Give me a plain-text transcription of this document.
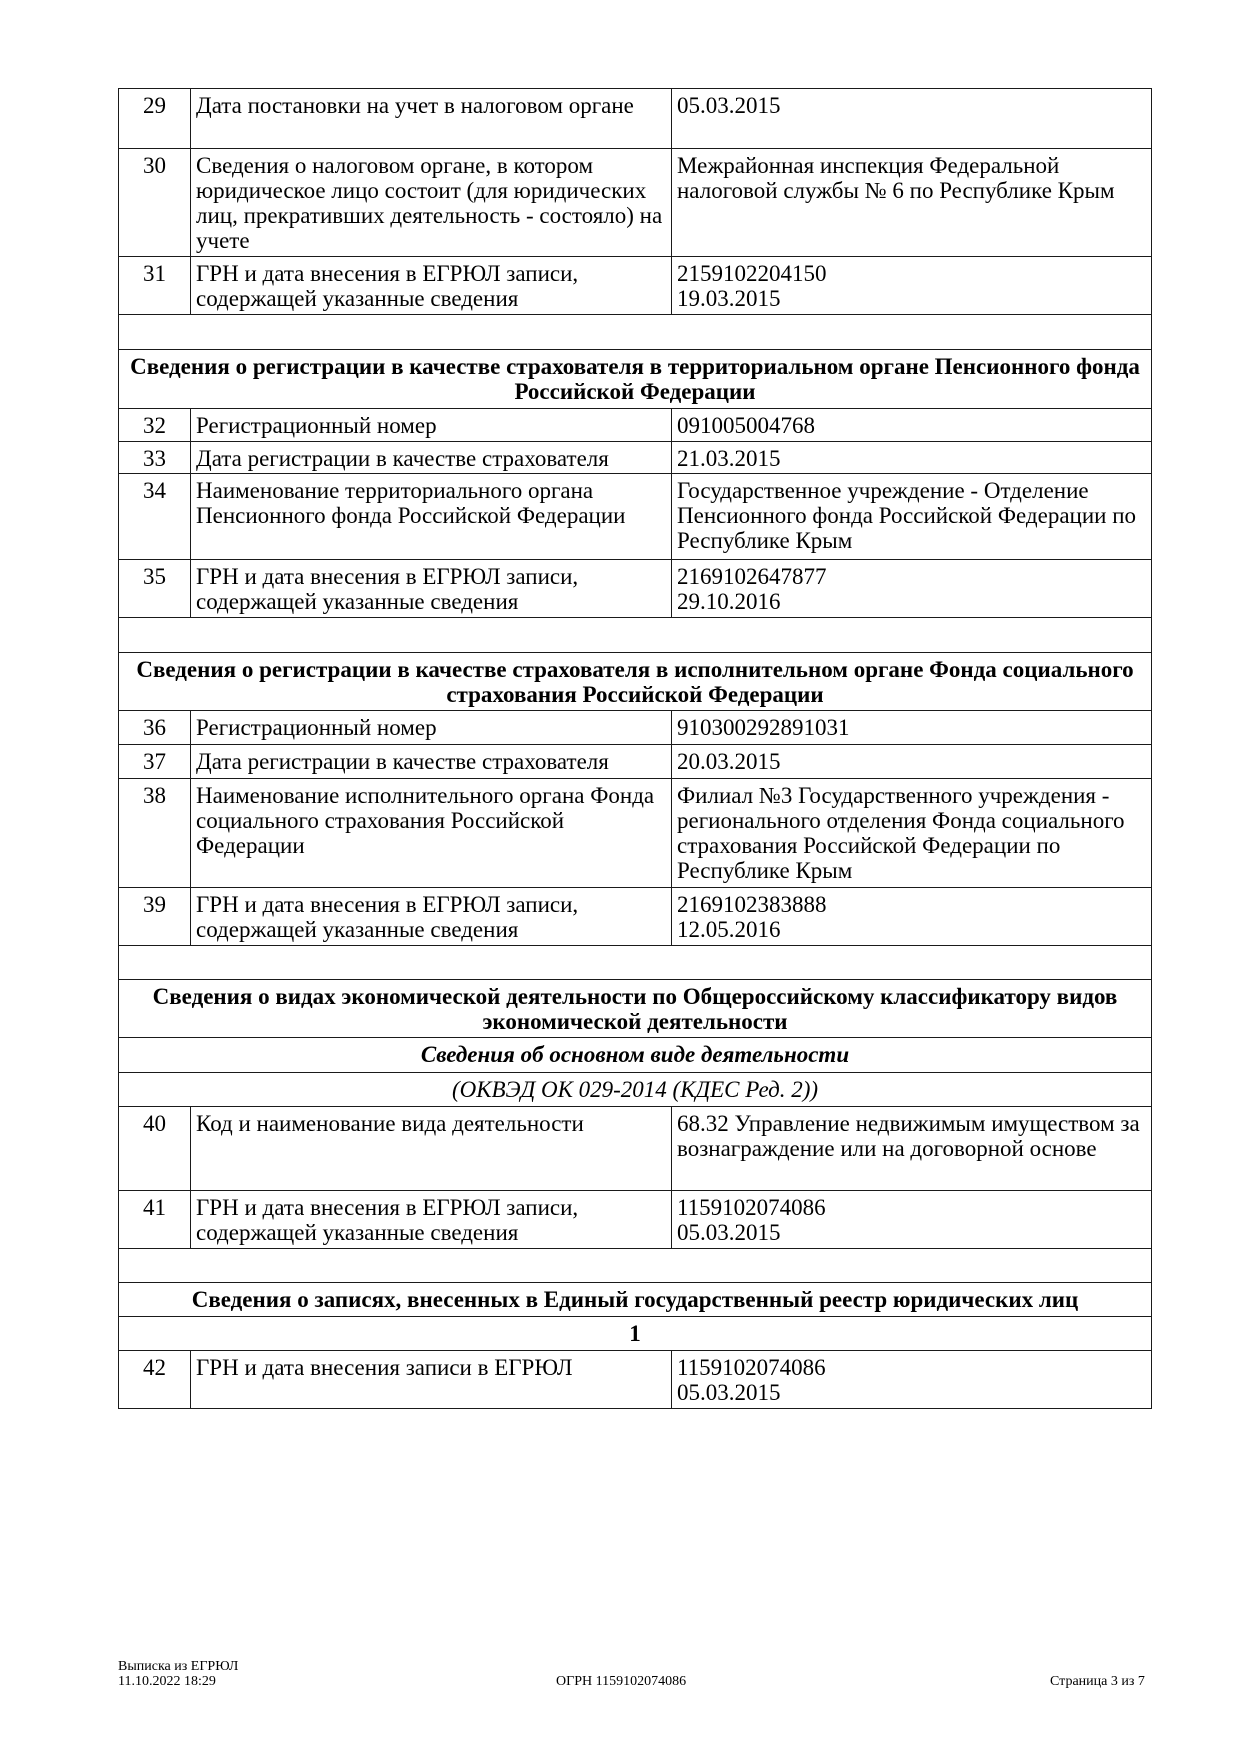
29	Дата постановки на учет в налоговом органе	05.03.2015

30	Сведения о налоговом органе, в котором юридическое лицо состоит (для юридических лиц, прекративших деятельность - состояло) на учете	Межрайонная инспекция Федеральной налоговой службы № 6 по Республике Крым

31	ГРН и дата внесения в ЕГРЮЛ записи, содержащей указанные сведения	2159102204150
19.03.2015

Сведения о регистрации в качестве страхователя в территориальном органе Пенсионного фонда Российской Федерации		
32	Регистрационный номер	091005004768

33	Дата регистрации в качестве страхователя	21.03.2015

34	Наименование территориального органа Пенсионного фонда Российской Федерации	Государственное учреждение - Отделение Пенсионного фонда Российской Федерации по Республике Крым

35	ГРН и дата внесения в ЕГРЮЛ записи, содержащей указанные сведения	2169102647877
29.10.2016

Сведения о регистрации в качестве страхователя в исполнительном органе Фонда социального страхования Российской Федерации		
36	Регистрационный номер	910300292891031

37	Дата регистрации в качестве страхователя	20.03.2015

38	Наименование исполнительного органа Фонда социального страхования Российской Федерации	Филиал №3 Государственного учреждения - регионального отделения Фонда социального страхования Российской Федерации по Республике Крым

39	ГРН и дата внесения в ЕГРЮЛ записи, содержащей указанные сведения	2169102383888
12.05.2016

Сведения о видах экономической деятельности по Общероссийскому классификатору видов экономической деятельности		
Сведения об основном виде деятельности		
(ОКВЭД ОК 029-2014 (КДЕС Ред. 2))		
40	Код и наименование вида деятельности	68.32 Управление недвижимым имуществом за вознаграждение или на договорной основе

41	ГРН и дата внесения в ЕГРЮЛ записи, содержащей указанные сведения	1159102074086
05.03.2015

Сведения о записях, внесенных в Единый государственный реестр юридических лиц		
1		
42	ГРН и дата внесения записи в ЕГРЮЛ	1159102074086
05.03.2015
Выписка из ЕГРЮЛ
11.10.2022 18:29	ОГРН 1159102074086	Страница 3 из 7
